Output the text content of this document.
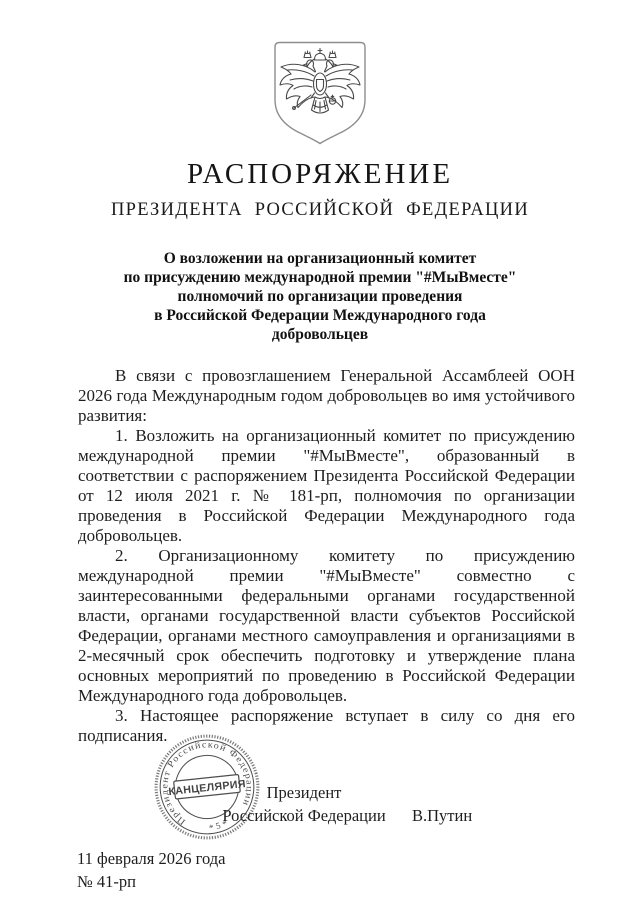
РАСПОРЯЖЕНИЕ
ПРЕЗИДЕНТА РОССИЙСКОЙ ФЕДЕРАЦИИ
О возложении на организационный комитет
по присуждению международной премии "#МыВместе"
полномочий по организации проведения
в Российской Федерации Международного года
добровольцев

В связи с провозглашением Генеральной Ассамблеей ООН 2026 года Международным годом добровольцев во имя устойчивого развития:

1. Возложить на организационный комитет по присуждению международной премии "#МыВместе", образованный в соответствии с распоряжением Президента Российской Федерации от 12 июля 2021 г. № 181-рп, полномочия по организации проведения в Российской Федерации Международного года добровольцев.

2. Организационному комитету по присуждению международной премии "#МыВместе" совместно с заинтересованными федеральными органами государственной власти, органами государственной власти субъектов Российской Федерации, органами местного самоуправления и организациями в 2-месячный срок обеспечить подготовку и утверждение плана основных мероприятий по проведению в Российской Федерации Международного года добровольцев.

3. Настоящее распоряжение вступает в силу со дня его подписания.

Президент
Российской Федерации В.Путин
Президент Российской Федерации
* 5 *
КАНЦЕЛЯРИЯ
11 февраля 2026 года
№ 41-рп
